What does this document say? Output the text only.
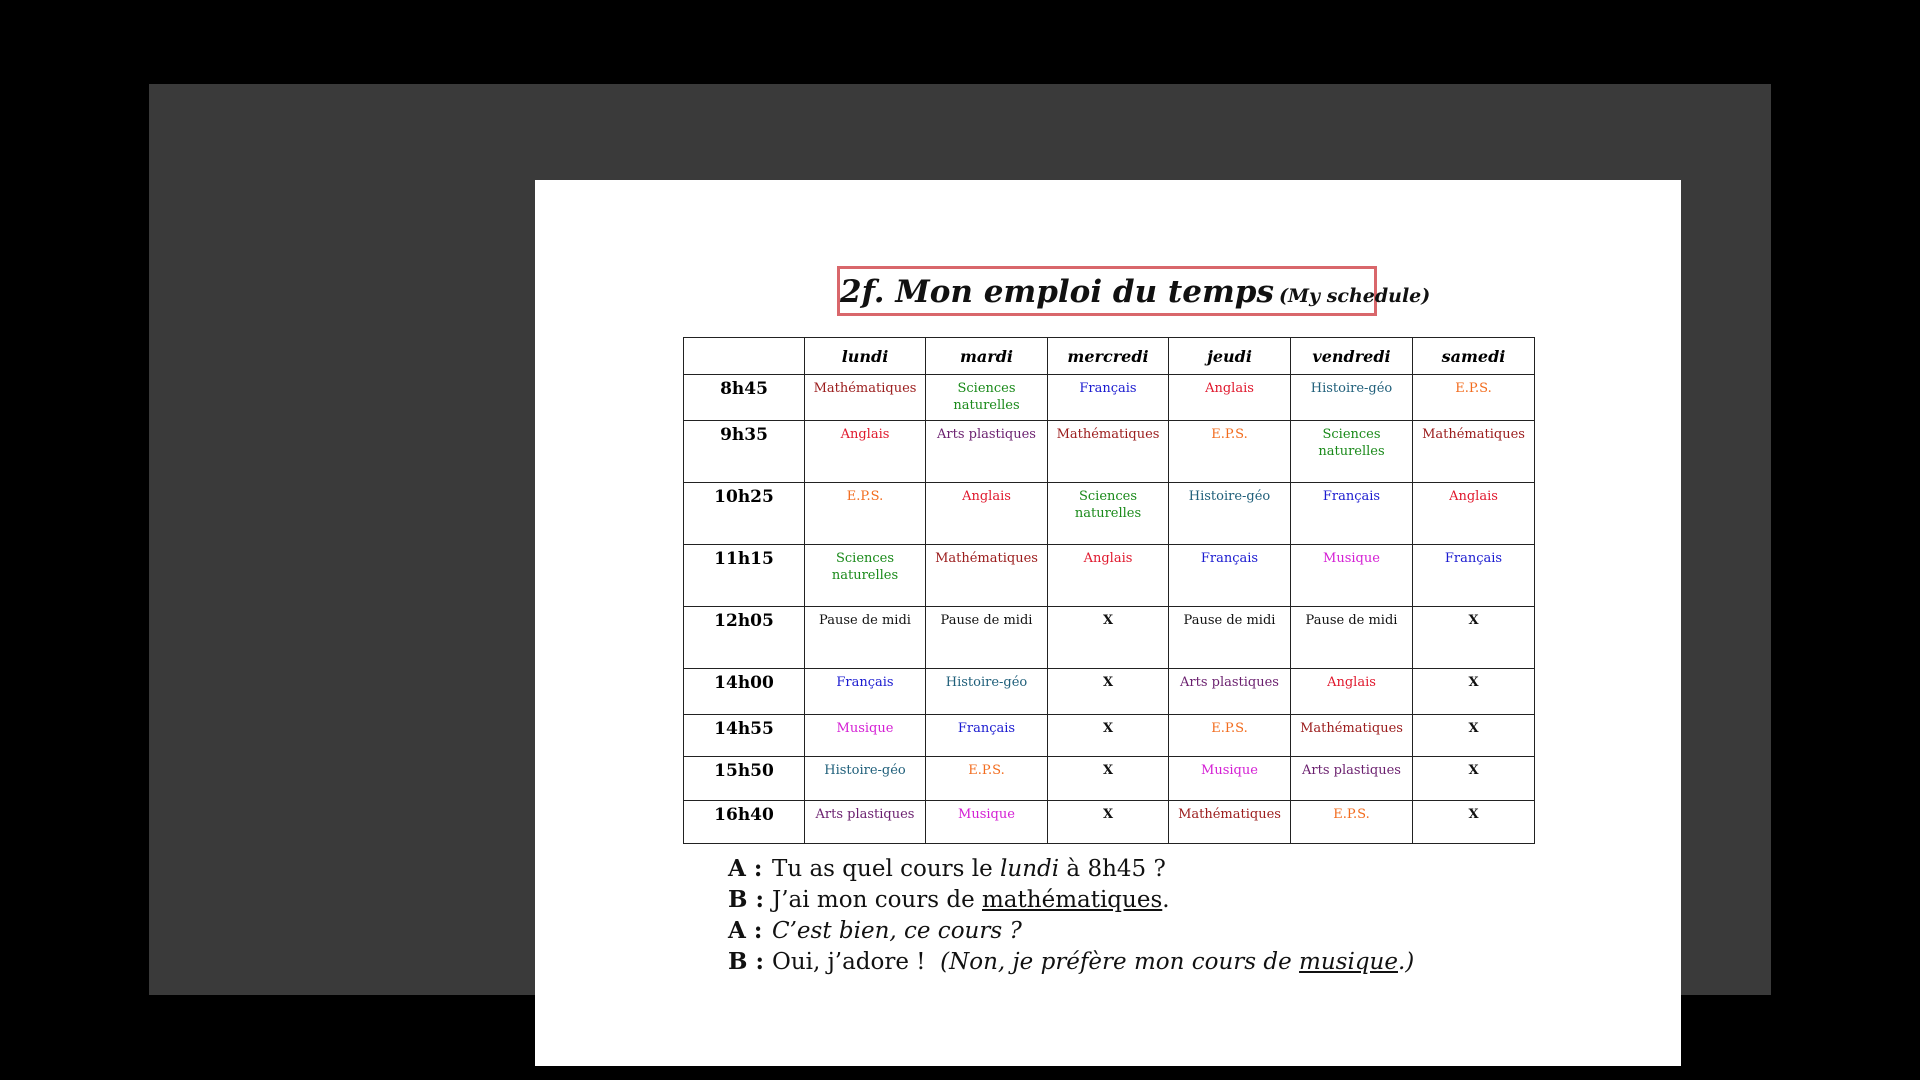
2f. Mon emploi du temps (My schedule)
	lundi	mardi	mercredi	jeudi	vendredi	samedi
8h45	Mathématiques	Sciences naturelles	Français	Anglais	Histoire-géo	E.P.S.
9h35	Anglais	Arts plastiques	Mathématiques	E.P.S.	Sciences naturelles	Mathématiques
10h25	E.P.S.	Anglais	Sciences naturelles	Histoire-géo	Français	Anglais
11h15	Sciences naturelles	Mathématiques	Anglais	Français	Musique	Français
12h05	Pause de midi	Pause de midi	X	Pause de midi	Pause de midi	X
14h00	Français	Histoire-géo	X	Arts plastiques	Anglais	X
14h55	Musique	Français	X	E.P.S.	Mathématiques	X
15h50	Histoire-géo	E.P.S.	X	Musique	Arts plastiques	X
16h40	Arts plastiques	Musique	X	Mathématiques	E.P.S.	X
A : Tu as quel cours le lundi à 8h45 ?
B : J’ai mon cours de mathématiques.
A : C’est bien, ce cours ?
B : Oui, j’adore !  (Non, je préfère mon cours de musique.)
